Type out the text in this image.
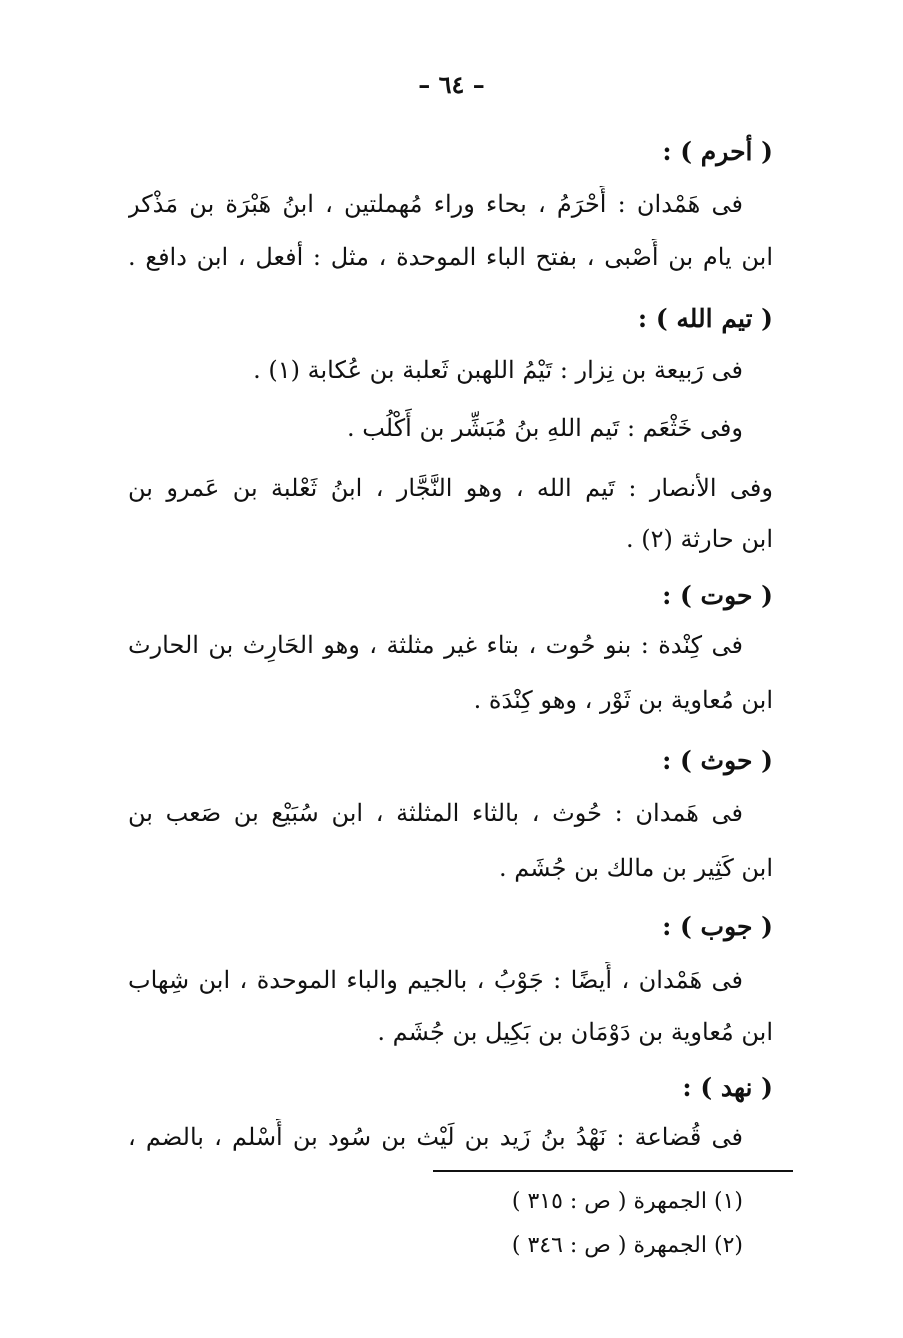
– ٦٤ –
( أحرم ) :
فى هَمْدان : أَحْرَمُ ، بحاء وراء مُهملتين ، ابنُ هَبْرَة بن مَذْكر
ابن يام بن أَصْبى ، بفتح الباء الموحدة ، مثل : أفعل ، ابن دافع .
( تيم الله ) :
فى رَبيعة بن نِزار : تَيْمُ اللهبن ثَعلبة بن عُكابة (١) .
وفى خَثْعَم : تَيم اللهِ بنُ مُبَشِّر بن أَكْلُب .
وفى الأنصار : تَيم الله ، وهو النَّجَّار ، ابنُ ثَعْلبة بن عَمرو بن
ابن حارثة (٢) .
( حوت ) :
فى كِنْدة : بنو حُوت ، بتاء غير مثلثة ، وهو الحَارِث بن الحارث
ابن مُعاوية بن ثَوْر ، وهو كِنْدَة .
( حوث ) :
فى هَمدان : حُوث ، بالثاء المثلثة ، ابن سُبَيْع بن صَعب بن
ابن كَثِير بن مالك بن جُشَم .
( جوب ) :
فى هَمْدان ، أَيضًا : جَوْبُ ، بالجيم والباء الموحدة ، ابن شِهاب
ابن مُعاوية بن دَوْمَان بن بَكِيل بن جُشَم .
( نهد ) :
فى قُضاعة : نَهْدُ بنُ زَيد بن لَيْث بن سُود بن أَسْلم ، بالضم ،
(١) الجمهرة ( ص : ٣١٥ )
(٢) الجمهرة ( ص : ٣٤٦ )
